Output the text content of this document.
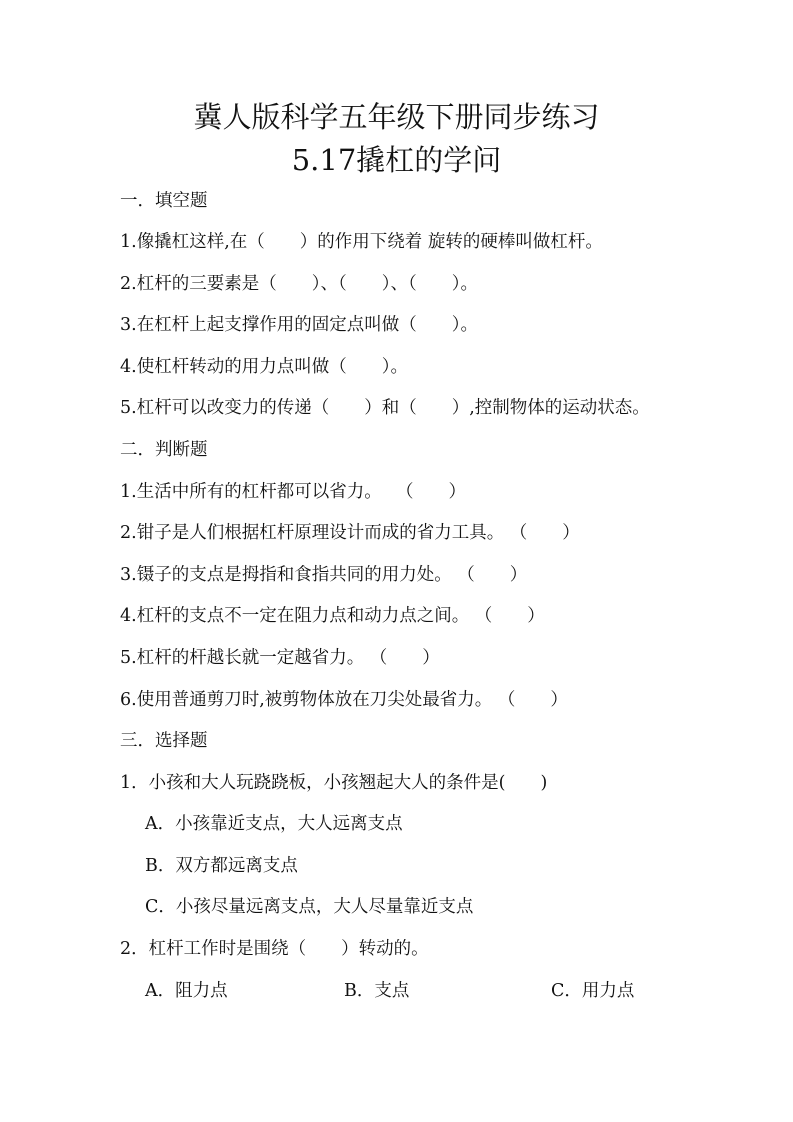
冀人版科学五年级下册同步练习
5.17撬杠的学问
一．填空题
1.像撬杠这样,在（　　）的作用下绕着 旋转的硬棒叫做杠杆。
2.杠杆的三要素是（　　）、（　　）、（　　）。
3.在杠杆上起支撑作用的固定点叫做（　　）。
4.使杠杆转动的用力点叫做（　　）。
5.杠杆可以改变力的传递（　　）和（　　）,控制物体的运动状态。
二．判断题
1.生活中所有的杠杆都可以省力。　 （　　）
2.钳子是人们根据杠杆原理设计而成的省力工具。 （　　）
3.镊子的支点是拇指和食指共同的用力处。 （　　）
4.杠杆的支点不一定在阻力点和动力点之间。 （　　）
5.杠杆的杆越长就一定越省力。 （　　）
6.使用普通剪刀时,被剪物体放在刀尖处最省力。 （　　）
三．选择题
1．小孩和大人玩跷跷板，小孩翘起大人的条件是(　　)
A．小孩靠近支点，大人远离支点
B．双方都远离支点
C．小孩尽量远离支点，大人尽量靠近支点
2．杠杆工作时是围绕（　　）转动的。
A．阻力点	B．支点	C．用力点
